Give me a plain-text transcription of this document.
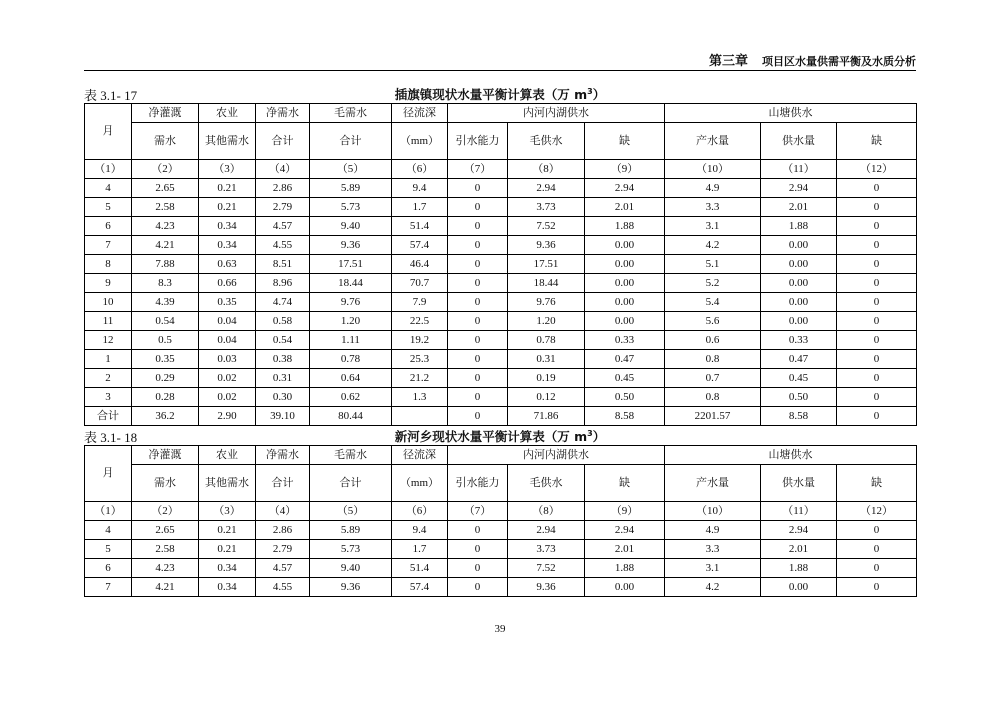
第三章 项目区水量供需平衡及水质分析
表 3.1- 17	插旗镇现状水量平衡计算表（万 $m^3$）
月	净灌溉	农业	净需水	毛需水	径流深	内河内湖供水			山塘供水		
	需水	其他需水	合计	合计	（mm）	引水能力	毛供水	缺	产水量	供水量	缺
（1）	（2）	（3）	（4）	（5）	（6）	（7）	（8）	（9）	（10）	（11）	（12）
4	2.65	0.21	2.86	5.89	9.4	0	2.94	2.94	4.9	2.94	0
5	2.58	0.21	2.79	5.73	1.7	0	3.73	2.01	3.3	2.01	0
6	4.23	0.34	4.57	9.40	51.4	0	7.52	1.88	3.1	1.88	0
7	4.21	0.34	4.55	9.36	57.4	0	9.36	0.00	4.2	0.00	0
8	7.88	0.63	8.51	17.51	46.4	0	17.51	0.00	5.1	0.00	0
9	8.3	0.66	8.96	18.44	70.7	0	18.44	0.00	5.2	0.00	0
10	4.39	0.35	4.74	9.76	7.9	0	9.76	0.00	5.4	0.00	0
11	0.54	0.04	0.58	1.20	22.5	0	1.20	0.00	5.6	0.00	0
12	0.5	0.04	0.54	1.11	19.2	0	0.78	0.33	0.6	0.33	0
1	0.35	0.03	0.38	0.78	25.3	0	0.31	0.47	0.8	0.47	0
2	0.29	0.02	0.31	0.64	21.2	0	0.19	0.45	0.7	0.45	0
3	0.28	0.02	0.30	0.62	1.3	0	0.12	0.50	0.8	0.50	0
合计	36.2	2.90	39.10	80.44		0	71.86	8.58	2201.57	8.58	0
表 3.1- 18	新河乡现状水量平衡计算表（万 $m^3$）
月	净灌溉	农业	净需水	毛需水	径流深	内河内湖供水			山塘供水		
	需水	其他需水	合计	合计	（mm）	引水能力	毛供水	缺	产水量	供水量	缺
（1）	（2）	（3）	（4）	（5）	（6）	（7）	（8）	（9）	（10）	（11）	（12）
4	2.65	0.21	2.86	5.89	9.4	0	2.94	2.94	4.9	2.94	0
5	2.58	0.21	2.79	5.73	1.7	0	3.73	2.01	3.3	2.01	0
6	4.23	0.34	4.57	9.40	51.4	0	7.52	1.88	3.1	1.88	0
7	4.21	0.34	4.55	9.36	57.4	0	9.36	0.00	4.2	0.00	0
39
